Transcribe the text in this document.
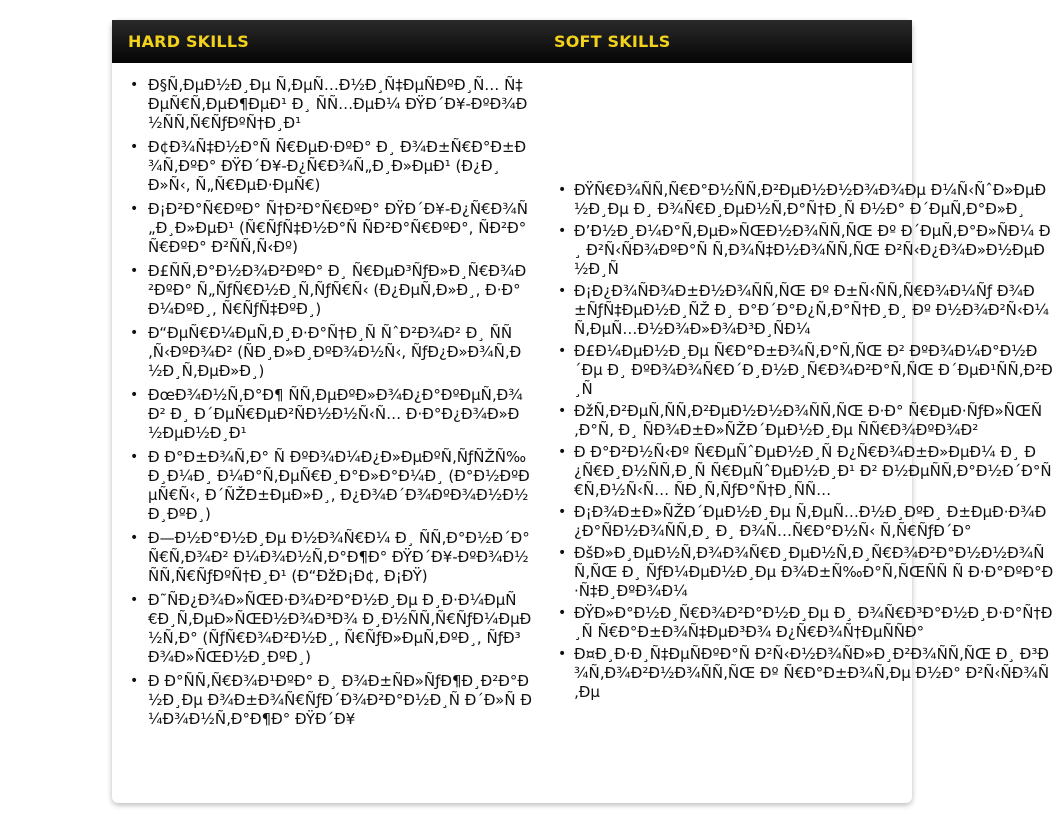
HARD SKILLS	SOFT SKILLS
• Ð§Ñ‚ÐµÐ½Ð¸Ðµ Ñ‚ÐµÑ…Ð½Ð¸Ñ‡ÐµÑÐºÐ¸Ñ… Ñ‡ÐµÑ€Ñ‚ÐµÐ¶ÐµÐ¹ Ð¸ ÑÑ…ÐµÐ¼ ÐŸÐ´Ð¥-ÐºÐ¾Ð½ÑÑ‚Ñ€ÑƒÐºÑ†Ð¸Ð¹
• Ð¢Ð¾Ñ‡Ð½Ð°Ñ Ñ€ÐµÐ·ÐºÐ° Ð¸ Ð¾Ð±Ñ€Ð°Ð±Ð¾Ñ‚ÐºÐ° ÐŸÐ´Ð¥-Ð¿Ñ€Ð¾Ñ„Ð¸Ð»ÐµÐ¹ (Ð¿Ð¸Ð»Ñ‹, Ñ„Ñ€ÐµÐ·ÐµÑ€)
• Ð¡Ð²Ð°Ñ€ÐºÐ° Ñ†Ð²Ð°Ñ€ÐºÐ° ÐŸÐ´Ð¥-Ð¿Ñ€Ð¾Ñ„Ð¸Ð»ÐµÐ¹ (Ñ€ÑƒÑ‡Ð½Ð°Ñ ÑÐ²Ð°Ñ€ÐºÐ°, ÑÐ²Ð°Ñ€ÐºÐ° Ð²ÑÑ‚Ñ‹Ðº)
• Ð£ÑÑ‚Ð°Ð½Ð¾Ð²ÐºÐ° Ð¸ Ñ€ÐµÐ³ÑƒÐ»Ð¸Ñ€Ð¾Ð²ÐºÐ° Ñ„ÑƒÑ€Ð½Ð¸Ñ‚ÑƒÑ€Ñ‹ (Ð¿ÐµÑ‚Ð»Ð¸, Ð·Ð°Ð¼ÐºÐ¸, Ñ€ÑƒÑ‡ÐºÐ¸)
• Ð“ÐµÑ€Ð¼ÐµÑ‚Ð¸Ð·Ð°Ñ†Ð¸Ñ ÑˆÐ²Ð¾Ð² Ð¸ ÑÑ‚Ñ‹ÐºÐ¾Ð² (ÑÐ¸Ð»Ð¸ÐºÐ¾Ð½Ñ‹, ÑƒÐ¿Ð»Ð¾Ñ‚Ð½Ð¸Ñ‚ÐµÐ»Ð¸)
• ÐœÐ¾Ð½Ñ‚Ð°Ð¶ ÑÑ‚ÐµÐºÐ»Ð¾Ð¿Ð°ÐºÐµÑ‚Ð¾Ð² Ð¸ Ð´ÐµÑ€ÐµÐ²ÑÐ½Ð½Ñ‹Ñ… Ð·Ð°Ð¿Ð¾Ð»Ð½ÐµÐ½Ð¸Ð¹
• Ð Ð°Ð±Ð¾Ñ‚Ð° Ñ ÐºÐ¾Ð¼Ð¿Ð»ÐµÐºÑ‚ÑƒÑŽÑ‰Ð¸Ð¼Ð¸ Ð¼Ð°Ñ‚ÐµÑ€Ð¸Ð°Ð»Ð°Ð¼Ð¸ (Ð°Ð½ÐºÐµÑ€Ñ‹, Ð´ÑŽÐ±ÐµÐ»Ð¸, Ð¿Ð¾Ð´Ð¾ÐºÐ¾Ð½Ð½Ð¸ÐºÐ¸)
• Ð—Ð½Ð°Ð½Ð¸Ðµ Ð½Ð¾Ñ€Ð¼ Ð¸ ÑÑ‚Ð°Ð½Ð´Ð°Ñ€Ñ‚Ð¾Ð² Ð¼Ð¾Ð½Ñ‚Ð°Ð¶Ð° ÐŸÐ´Ð¥-ÐºÐ¾Ð½ÑÑ‚Ñ€ÑƒÐºÑ†Ð¸Ð¹ (Ð“ÐžÐ¡Ð¢, Ð¡ÐŸ)
• Ð˜ÑÐ¿Ð¾Ð»ÑŒÐ·Ð¾Ð²Ð°Ð½Ð¸Ðµ Ð¸Ð·Ð¼ÐµÑ€Ð¸Ñ‚ÐµÐ»ÑŒÐ½Ð¾Ð³Ð¾ Ð¸Ð½ÑÑ‚Ñ€ÑƒÐ¼ÐµÐ½Ñ‚Ð° (ÑƒÑ€Ð¾Ð²Ð½Ð¸, Ñ€ÑƒÐ»ÐµÑ‚ÐºÐ¸, ÑƒÐ³Ð¾Ð»ÑŒÐ½Ð¸ÐºÐ¸)
• Ð Ð°ÑÑ‚Ñ€Ð¾Ð¹ÐºÐ° Ð¸ Ð¾Ð±ÑÐ»ÑƒÐ¶Ð¸Ð²Ð°Ð½Ð¸Ðµ Ð¾Ð±Ð¾Ñ€ÑƒÐ´Ð¾Ð²Ð°Ð½Ð¸Ñ Ð´Ð»Ñ Ð¼Ð¾Ð½Ñ‚Ð°Ð¶Ð° ÐŸÐ´Ð¥
• ÐŸÑ€Ð¾ÑÑ‚Ñ€Ð°Ð½ÑÑ‚Ð²ÐµÐ½Ð½Ð¾Ð¾Ðµ Ð¼Ñ‹ÑˆÐ»ÐµÐ½Ð¸Ðµ Ð¸ Ð¾Ñ€Ð¸ÐµÐ½Ñ‚Ð°Ñ†Ð¸Ñ Ð½Ð° Ð´ÐµÑ‚Ð°Ð»Ð¸
• Ð’Ð½Ð¸Ð¼Ð°Ñ‚ÐµÐ»ÑŒÐ½Ð¾ÑÑ‚ÑŒ Ðº Ð´ÐµÑ‚Ð°Ð»ÑÐ¼ Ð¸ Ð²Ñ‹ÑÐ¾ÐºÐ°Ñ Ñ‚Ð¾Ñ‡Ð½Ð¾ÑÑ‚ÑŒ Ð²Ñ‹Ð¿Ð¾Ð»Ð½ÐµÐ½Ð¸Ñ
• Ð¡Ð¿Ð¾ÑÐ¾Ð±Ð½Ð¾ÑÑ‚ÑŒ Ðº Ð±Ñ‹ÑÑ‚Ñ€Ð¾Ð¼Ñƒ Ð¾Ð±ÑƒÑ‡ÐµÐ½Ð¸ÑŽ Ð¸ Ð°Ð´Ð°Ð¿Ñ‚Ð°Ñ†Ð¸Ð¸ Ðº Ð½Ð¾Ð²Ñ‹Ð¼ Ñ‚ÐµÑ…Ð½Ð¾Ð»Ð¾Ð³Ð¸ÑÐ¼
• Ð£Ð¼ÐµÐ½Ð¸Ðµ Ñ€Ð°Ð±Ð¾Ñ‚Ð°Ñ‚ÑŒ Ð² ÐºÐ¾Ð¼Ð°Ð½Ð´Ðµ Ð¸ ÐºÐ¾Ð¾Ñ€Ð´Ð¸Ð½Ð¸Ñ€Ð¾Ð²Ð°Ñ‚ÑŒ Ð´ÐµÐ¹ÑÑ‚Ð²Ð¸Ñ
• ÐžÑ‚Ð²ÐµÑ‚ÑÑ‚Ð²ÐµÐ½Ð½Ð¾ÑÑ‚ÑŒ Ð·Ð° Ñ€ÐµÐ·ÑƒÐ»ÑŒÑ‚Ð°Ñ‚ Ð¸ ÑÐ¾Ð±Ð»ÑŽÐ´ÐµÐ½Ð¸Ðµ ÑÑ€Ð¾ÐºÐ¾Ð²
• Ð Ð°Ð²Ð½Ñ‹Ðº Ñ€ÐµÑˆÐµÐ½Ð¸Ñ Ð¿Ñ€Ð¾Ð±Ð»ÐµÐ¼ Ð¸ Ð¿Ñ€Ð¸Ð½ÑÑ‚Ð¸Ñ Ñ€ÐµÑˆÐµÐ½Ð¸Ð¹ Ð² Ð½ÐµÑÑ‚Ð°Ð½Ð´Ð°Ñ€Ñ‚Ð½Ñ‹Ñ… ÑÐ¸Ñ‚ÑƒÐ°Ñ†Ð¸ÑÑ…
• Ð¡Ð¾Ð±Ð»ÑŽÐ´ÐµÐ½Ð¸Ðµ Ñ‚ÐµÑ…Ð½Ð¸ÐºÐ¸ Ð±ÐµÐ·Ð¾Ð¿Ð°ÑÐ½Ð¾ÑÑ‚Ð¸ Ð¸ Ð¾Ñ…Ñ€Ð°Ð½Ñ‹ Ñ‚Ñ€ÑƒÐ´Ð°
• ÐšÐ»Ð¸ÐµÐ½Ñ‚Ð¾Ð¾Ñ€Ð¸ÐµÐ½Ñ‚Ð¸Ñ€Ð¾Ð²Ð°Ð½Ð½Ð¾ÑÑ‚ÑŒ Ð¸ ÑƒÐ¼ÐµÐ½Ð¸Ðµ Ð¾Ð±Ñ‰Ð°Ñ‚ÑŒÑÑ Ñ Ð·Ð°ÐºÐ°Ð·Ñ‡Ð¸ÐºÐ¾Ð¼
• ÐŸÐ»Ð°Ð½Ð¸Ñ€Ð¾Ð²Ð°Ð½Ð¸Ðµ Ð¸ Ð¾Ñ€Ð³Ð°Ð½Ð¸Ð·Ð°Ñ†Ð¸Ñ Ñ€Ð°Ð±Ð¾Ñ‡ÐµÐ³Ð¾ Ð¿Ñ€Ð¾Ñ†ÐµÑÑÐ°
• Ð¤Ð¸Ð·Ð¸Ñ‡ÐµÑÐºÐ°Ñ Ð²Ñ‹Ð½Ð¾ÑÐ»Ð¸Ð²Ð¾ÑÑ‚ÑŒ Ð¸ Ð³Ð¾Ñ‚Ð¾Ð²Ð½Ð¾ÑÑ‚ÑŒ Ðº Ñ€Ð°Ð±Ð¾Ñ‚Ðµ Ð½Ð° Ð²Ñ‹ÑÐ¾Ñ‚Ðµ
